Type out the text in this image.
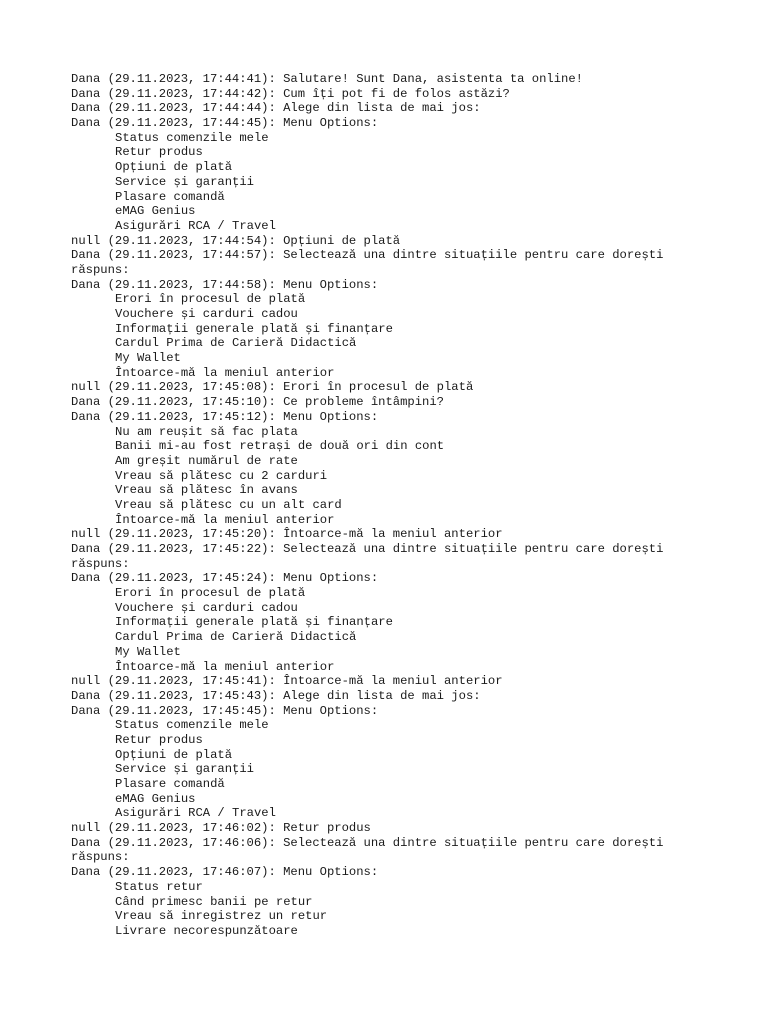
Dana (29.11.2023, 17:44:41): Salutare! Sunt Dana, asistenta ta online!
Dana (29.11.2023, 17:44:42): Cum îți pot fi de folos astăzi?
Dana (29.11.2023, 17:44:44): Alege din lista de mai jos:
Dana (29.11.2023, 17:44:45): Menu Options:
Status comenzile mele
Retur produs
Opțiuni de plată
Service și garanții
Plasare comandă
eMAG Genius
Asigurări RCA / Travel
null (29.11.2023, 17:44:54): Opțiuni de plată
Dana (29.11.2023, 17:44:57): Selectează una dintre situațiile pentru care dorești
răspuns:
Dana (29.11.2023, 17:44:58): Menu Options:
Erori în procesul de plată
Vouchere și carduri cadou
Informații generale plată și finanțare
Cardul Prima de Carieră Didactică
My Wallet
Întoarce-mă la meniul anterior
null (29.11.2023, 17:45:08): Erori în procesul de plată
Dana (29.11.2023, 17:45:10): Ce probleme întâmpini?
Dana (29.11.2023, 17:45:12): Menu Options:
Nu am reușit să fac plata
Banii mi-au fost retrași de două ori din cont
Am greșit numărul de rate
Vreau să plătesc cu 2 carduri
Vreau să plătesc în avans
Vreau să plătesc cu un alt card
Întoarce-mă la meniul anterior
null (29.11.2023, 17:45:20): Întoarce-mă la meniul anterior
Dana (29.11.2023, 17:45:22): Selectează una dintre situațiile pentru care dorești
răspuns:
Dana (29.11.2023, 17:45:24): Menu Options:
Erori în procesul de plată
Vouchere și carduri cadou
Informații generale plată și finanțare
Cardul Prima de Carieră Didactică
My Wallet
Întoarce-mă la meniul anterior
null (29.11.2023, 17:45:41): Întoarce-mă la meniul anterior
Dana (29.11.2023, 17:45:43): Alege din lista de mai jos:
Dana (29.11.2023, 17:45:45): Menu Options:
Status comenzile mele
Retur produs
Opțiuni de plată
Service și garanții
Plasare comandă
eMAG Genius
Asigurări RCA / Travel
null (29.11.2023, 17:46:02): Retur produs
Dana (29.11.2023, 17:46:06): Selectează una dintre situațiile pentru care dorești
răspuns:
Dana (29.11.2023, 17:46:07): Menu Options:
Status retur
Când primesc banii pe retur
Vreau să inregistrez un retur
Livrare necorespunzătoare
